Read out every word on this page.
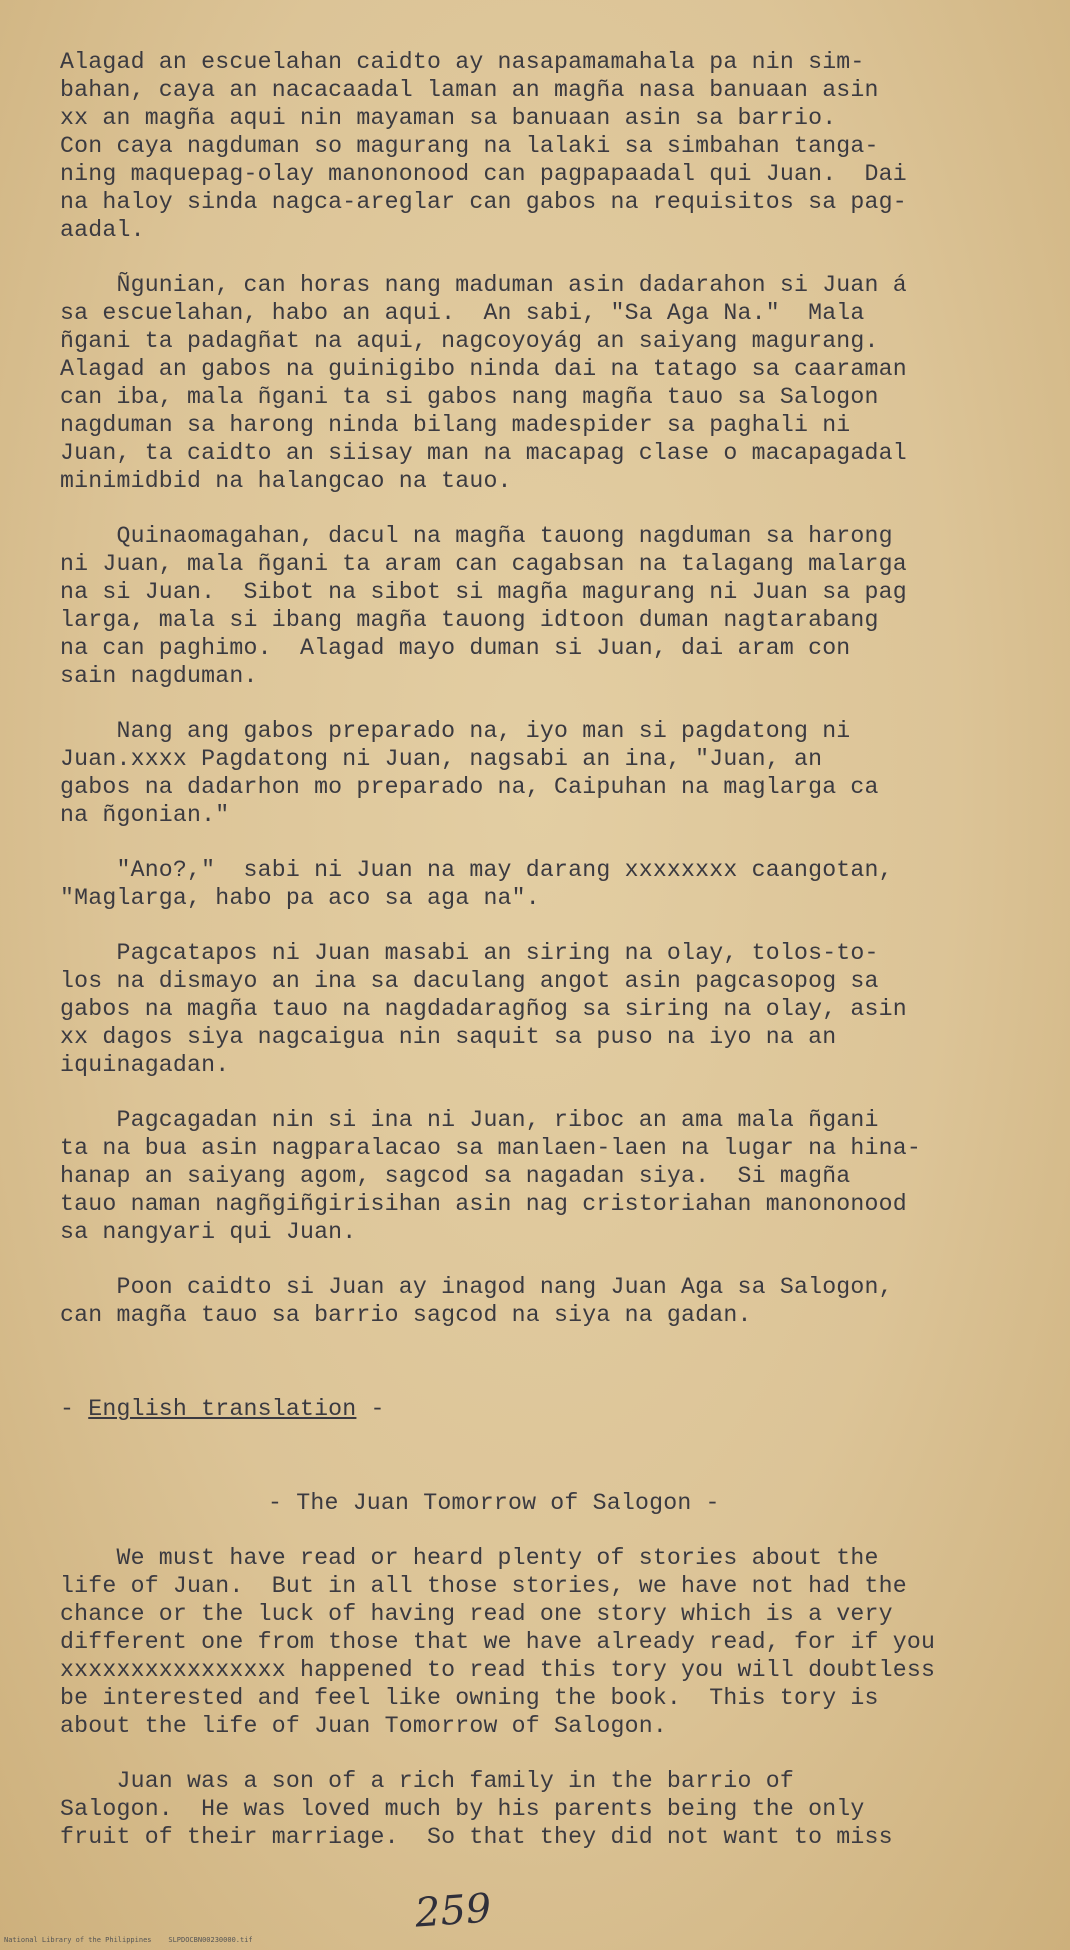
Alagad an escuelahan caidto ay nasapamamahala pa nin sim-
bahan, caya an nacacaadal laman an magña nasa banuaan asin
xx an magña aqui nin mayaman sa banuaan asin sa barrio.
Con caya nagduman so magurang na lalaki sa simbahan tanga-
ning maquepag-olay manononood can pagpapaadal qui Juan.  Dai
na haloy sinda nagca-areglar can gabos na requisitos sa pag-
aadal.
Ñgunian, can horas nang maduman asin dadarahon si Juan á
sa escuelahan, habo an aqui.  An sabi, "Sa Aga Na."  Mala
ñgani ta padagñat na aqui, nagcoyoyág an saiyang magurang.
Alagad an gabos na guinigibo ninda dai na tatago sa caaraman
can iba, mala ñgani ta si gabos nang magña tauo sa Salogon
nagduman sa harong ninda bilang madespider sa paghali ni
Juan, ta caidto an siisay man na macapag clase o macapagadal
minimidbid na halangcao na tauo.
Quinaomagahan, dacul na magña tauong nagduman sa harong
ni Juan, mala ñgani ta aram can cagabsan na talagang malarga
na si Juan.  Sibot na sibot si magña magurang ni Juan sa pag
larga, mala si ibang magña tauong idtoon duman nagtarabang
na can paghimo.  Alagad mayo duman si Juan, dai aram con
sain nagduman.
Nang ang gabos preparado na, iyo man si pagdatong ni
Juan.xxxx Pagdatong ni Juan, nagsabi an ina, "Juan, an
gabos na dadarhon mo preparado na, Caipuhan na maglarga ca
na ñgonian."
"Ano?,"  sabi ni Juan na may darang xxxxxxxx caangotan,
"Maglarga, habo pa aco sa aga na".
Pagcatapos ni Juan masabi an siring na olay, tolos-to-
los na dismayo an ina sa daculang angot asin pagcasopog sa
gabos na magña tauo na nagdadaragñog sa siring na olay, asin
xx dagos siya nagcaigua nin saquit sa puso na iyo na an
iquinagadan.
Pagcagadan nin si ina ni Juan, riboc an ama mala ñgani
ta na bua asin nagparalacao sa manlaen-laen na lugar na hina-
hanap an saiyang agom, sagcod sa nagadan siya.  Si magña
tauo naman nagñgiñgirisihan asin nag cristoriahan manononood
sa nangyari qui Juan.
Poon caidto si Juan ay inagod nang Juan Aga sa Salogon,
can magña tauo sa barrio sagcod na siya na gadan.
- English translation -
- The Juan Tomorrow of Salogon -
We must have read or heard plenty of stories about the
life of Juan.  But in all those stories, we have not had the
chance or the luck of having read one story which is a very
different one from those that we have already read, for if you
xxxxxxxxxxxxxxxx happened to read this tory you will doubtless
be interested and feel like owning the book.  This tory is
about the life of Juan Tomorrow of Salogon.
Juan was a son of a rich family in the barrio of
Salogon.  He was loved much by his parents being the only
fruit of their marriage.  So that they did not want to miss
259
National Library of the Philippines    SLPDOCBN00230000.tif
